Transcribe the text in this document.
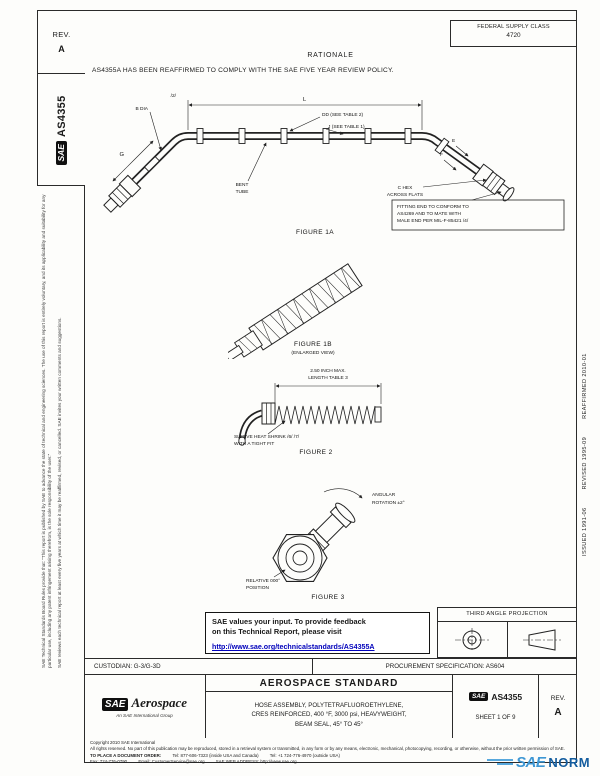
REV.
A
SAE
AS4355

SAE Technical Standards Board Rules provide that: “This report is published by SAE to advance the state of technical and engineering sciences. The use of this report is entirely voluntary, and its applicability and suitability for any particular use, including any patent infringement arising therefrom, is the sole responsibility of the user.” SAE reviews each technical report at least every five years at which time it may be reaffirmed, revised, or cancelled. SAE invites your written comments and suggestions.	ISSUED 1991-06 REVISED 1995-09 REAFFIRMED 2010-01
FEDERAL SUPPLY CLASS
4720
RATIONALE
AS4355A HAS BEEN REAFFIRMED TO COMPLY WITH THE SAE FIVE YEAR REVIEW POLICY.
L
/2/
G
B DIA
DD (SEE TABLE 2)
J (SEE TABLE 1)
BENT
TUBE
C HEX
ACROSS FLATS
E
F
FITTING END TO CONFORM TO
AS4269 AND TO MATE WITH
MALE END PER MIL-F-85421 /4/
FIGURE 1A
FIGURE 1B
(ENLARGED VIEW)
2.50 INCH MAX.
LENGTH TABLE 3
SLEEVE HEAT SHRINK /6/ /7/
WITH A TIGHT FIT
FIGURE 2
ANGULAR
ROTATION ±2°
RELATIVE 000°
POSITION
FIGURE 3
SAE values your input. To provide feedback
on this Technical Report, please visit
http://www.sae.org/technicalstandards/AS4355A
THIRD ANGLE PROJECTION
CUSTODIAN: G-3/G-3D	PROCUREMENT SPECIFICATION: AS604
SAE Aerospace
An SAE International Group
AEROSPACE STANDARD
HOSE ASSEMBLY, POLYTETRAFLUOROETHYLENE,
CRES REINFORCED, 400 °F, 3000 psi, HEAVYWEIGHT,
BEAM SEAL, 45° TO 45°
SAE AS4355
SHEET 1 OF 9
REV.
A
Copyright 2010 SAE International
All rights reserved. No part of this publication may be reproduced, stored in a retrieval system or transmitted, in any form or by any means, electronic, mechanical, photocopying, recording, or otherwise, without the prior written permission of SAE.
TO PLACE A DOCUMENT ORDER:	Tel: 877-606-7323 (inside USA and Canada)	Tel: +1 724-776-4970 (outside USA)
Fax: 724-776-0790	Email: CustomerService@sae.org	SAE WEB ADDRESS: http://www.sae.org	SAE NORM
